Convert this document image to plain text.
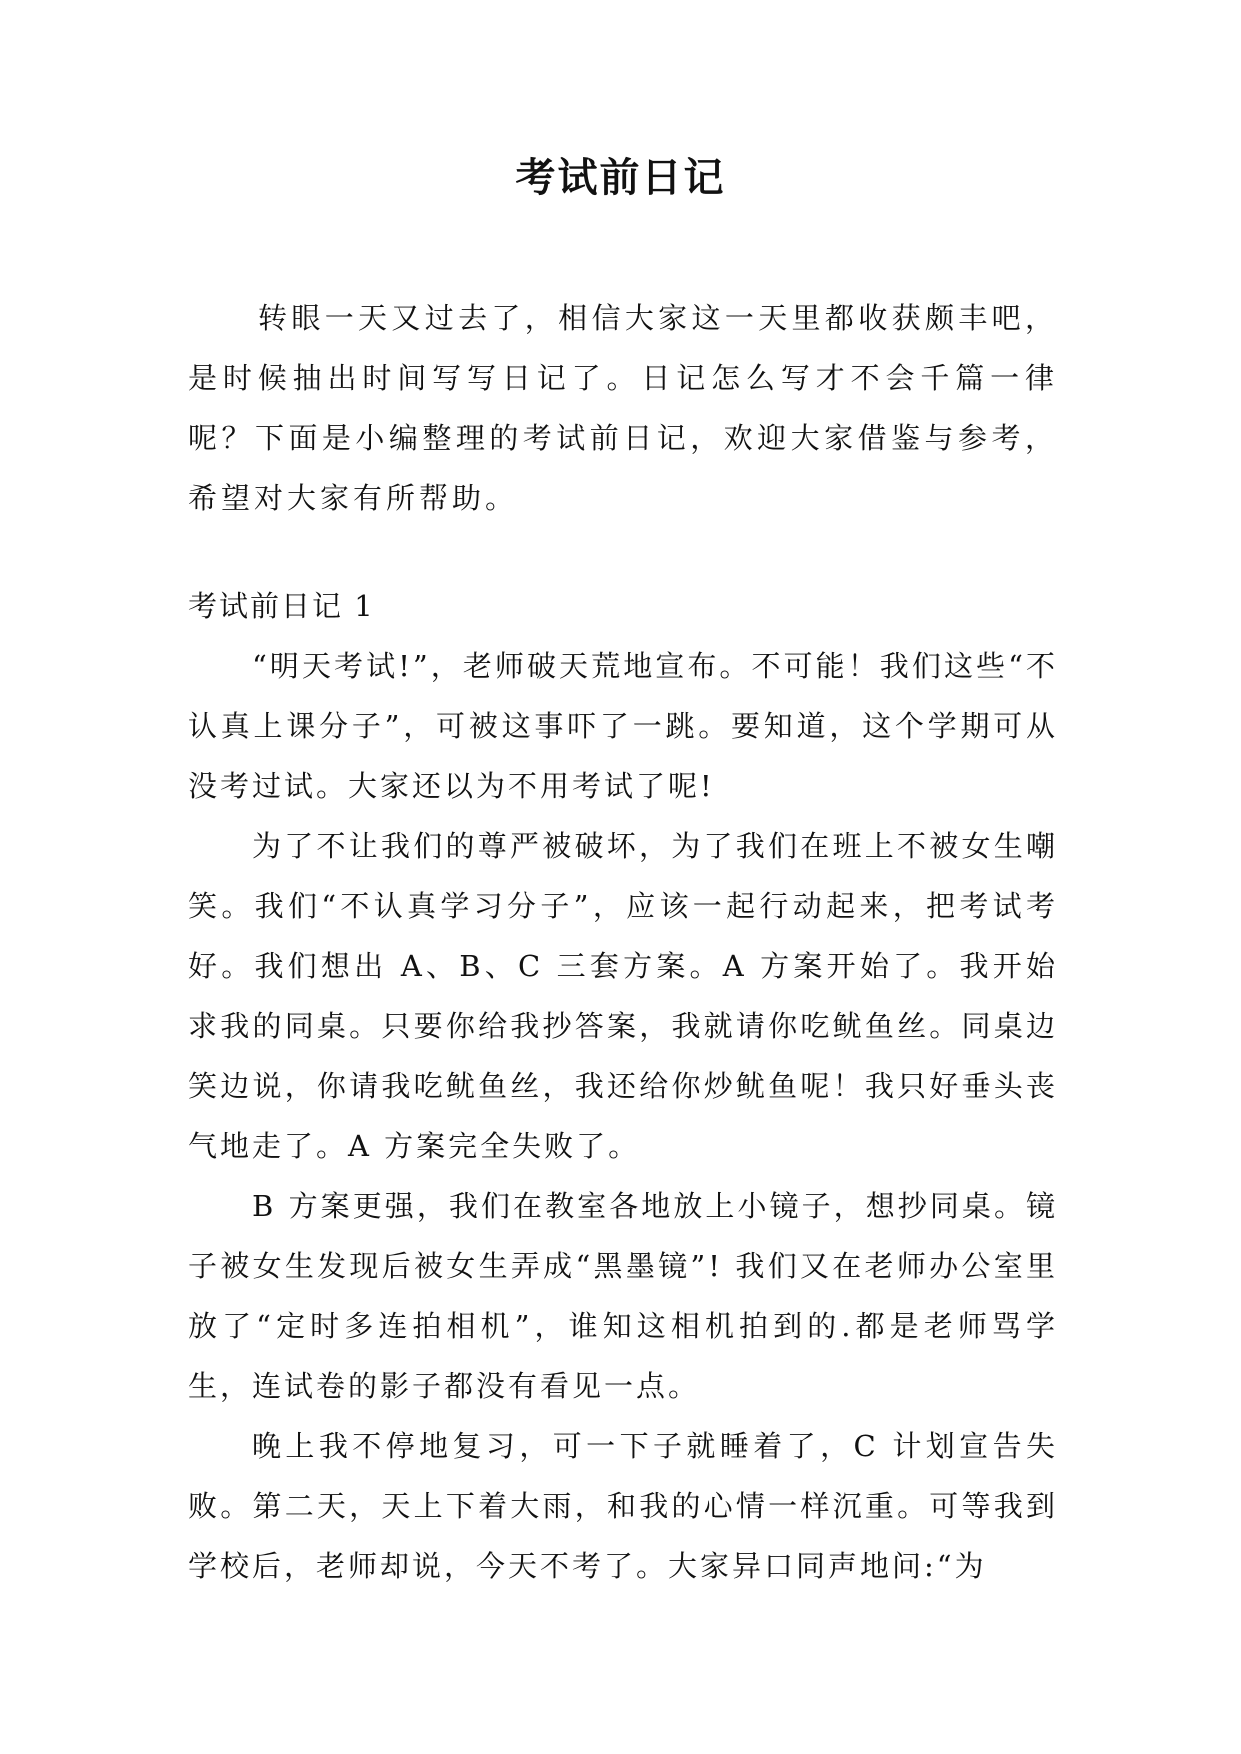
考试前日记

转眼一天又过去了，相信大家这一天里都收获颇丰吧，是时候抽出时间写写日记了。日记怎么写才不会千篇一律呢？下面是小编整理的考试前日记，欢迎大家借鉴与参考，希望对大家有所帮助。

考试前日记 1

“明天考试!”，老师破天荒地宣布。不可能！我们这些“不认真上课分子”，可被这事吓了一跳。要知道，这个学期可从没考过试。大家还以为不用考试了呢!

为了不让我们的尊严被破坏，为了我们在班上不被女生嘲笑。我们“不认真学习分子”，应该一起行动起来，把考试考好。我们想出 A、B、C 三套方案。A 方案开始了。我开始求我的同桌。只要你给我抄答案，我就请你吃鱿鱼丝。同桌边笑边说，你请我吃鱿鱼丝，我还给你炒鱿鱼呢！我只好垂头丧气地走了。A 方案完全失败了。

B 方案更强，我们在教室各地放上小镜子，想抄同桌。镜子被女生发现后被女生弄成“黑墨镜”! 我们又在老师办公室里放了“定时多连拍相机”，谁知这相机拍到的.都是老师骂学生，连试卷的影子都没有看见一点。

晚上我不停地复习，可一下子就睡着了，C 计划宣告失败。第二天，天上下着大雨，和我的心情一样沉重。可等我到学校后，老师却说，今天不考了。大家异口同声地问:“为
